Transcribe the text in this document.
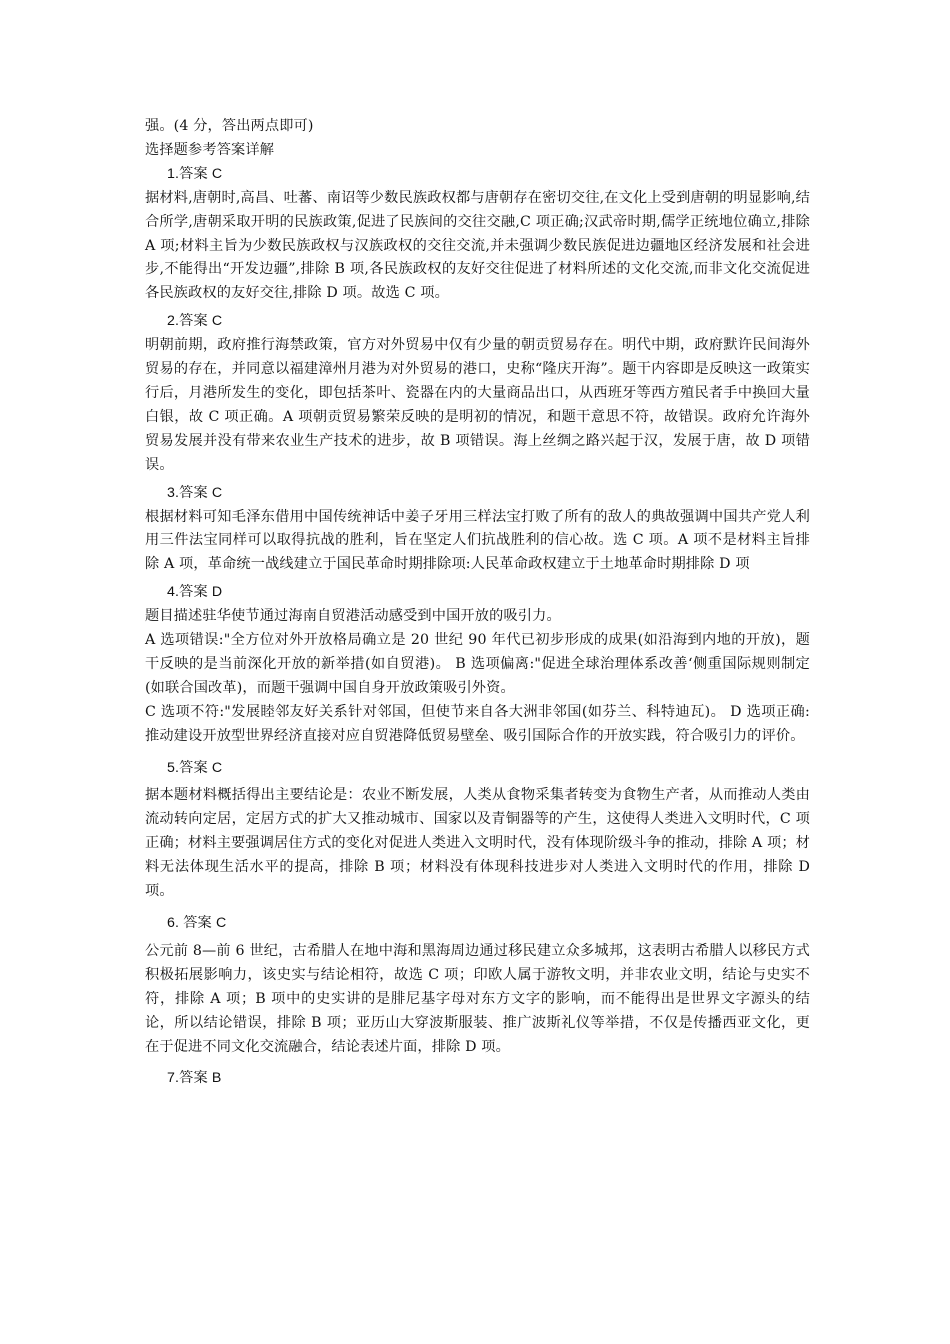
强。(4 分，答出两点即可)

选择题参考答案详解

1.答案 C

据材料,唐朝时,高昌、吐蕃、南诏等少数民族政权都与唐朝存在密切交往,在文化上受到唐朝的明显影响,结合所学,唐朝采取开明的民族政策,促进了民族间的交往交融,C 项正确;汉武帝时期,儒学正统地位确立,排除 A 项;材料主旨为少数民族政权与汉族政权的交往交流,并未强调少数民族促进边疆地区经济发展和社会进步,不能得出“开发边疆”,排除 B 项,各民族政权的友好交往促进了材料所述的文化交流,而非文化交流促进各民族政权的友好交往,排除 D 项。故选 C 项。

2.答案 C

明朝前期，政府推行海禁政策，官方对外贸易中仅有少量的朝贡贸易存在。明代中期，政府默许民间海外贸易的存在，并同意以福建漳州月港为对外贸易的港口，史称“隆庆开海”。题干内容即是反映这一政策实行后，月港所发生的变化，即包括茶叶、瓷器在内的大量商品出口，从西班牙等西方殖民者手中换回大量白银，故 C 项正确。A 项朝贡贸易繁荣反映的是明初的情况，和题干意思不符，故错误。政府允许海外贸易发展并没有带来农业生产技术的进步，故 B 项错误。海上丝绸之路兴起于汉，发展于唐，故 D 项错误。

3.答案 C

根据材料可知毛泽东借用中国传统神话中姜子牙用三样法宝打败了所有的敌人的典故强调中国共产党人利用三件法宝同样可以取得抗战的胜利，旨在坚定人们抗战胜利的信心故。选 C 项。A 项不是材料主旨排除 A 项，革命统一战线建立于国民革命时期排除项:人民革命政权建立于土地革命时期排除 D 项

4.答案 D

题目描述驻华使节通过海南自贸港活动感受到中国开放的吸引力。

A 选项错误:"全方位对外开放格局确立是 20 世纪 90 年代已初步形成的成果(如沿海到内地的开放)，题干反映的是当前深化开放的新举措(如自贸港)。 B 选项偏离:"促进全球治理体系改善‘侧重国际规则制定(如联合国改革)，而题干强调中国自身开放政策吸引外资。

C 选项不符:"发展睦邻友好关系针对邻国，但使节来自各大洲非邻国(如芬兰、科特迪瓦)。 D 选项正确:推动建设开放型世界经济直接对应自贸港降低贸易壁垒、吸引国际合作的开放实践，符合吸引力的评价。

5.答案 C

据本题材料概括得出主要结论是：农业不断发展，人类从食物采集者转变为食物生产者，从而推动人类由流动转向定居，定居方式的扩大又推动城市、国家以及青铜器等的产生，这使得人类进入文明时代，C 项正确；材料主要强调居住方式的变化对促进人类进入文明时代，没有体现阶级斗争的推动，排除 A 项；材料无法体现生活水平的提高，排除 B 项；材料没有体现科技进步对人类进入文明时代的作用，排除 D 项。

6. 答案 C

公元前 8—前 6 世纪，古希腊人在地中海和黑海周边通过移民建立众多城邦，这表明古希腊人以移民方式积极拓展影响力，该史实与结论相符，故选 C 项；印欧人属于游牧文明，并非农业文明，结论与史实不符，排除 A 项；B 项中的史实讲的是腓尼基字母对东方文字的影响，而不能得出是世界文字源头的结论，所以结论错误，排除 B 项；亚历山大穿波斯服装、推广波斯礼仪等举措，不仅是传播西亚文化，更在于促进不同文化交流融合，结论表述片面，排除 D 项。

7.答案 B
